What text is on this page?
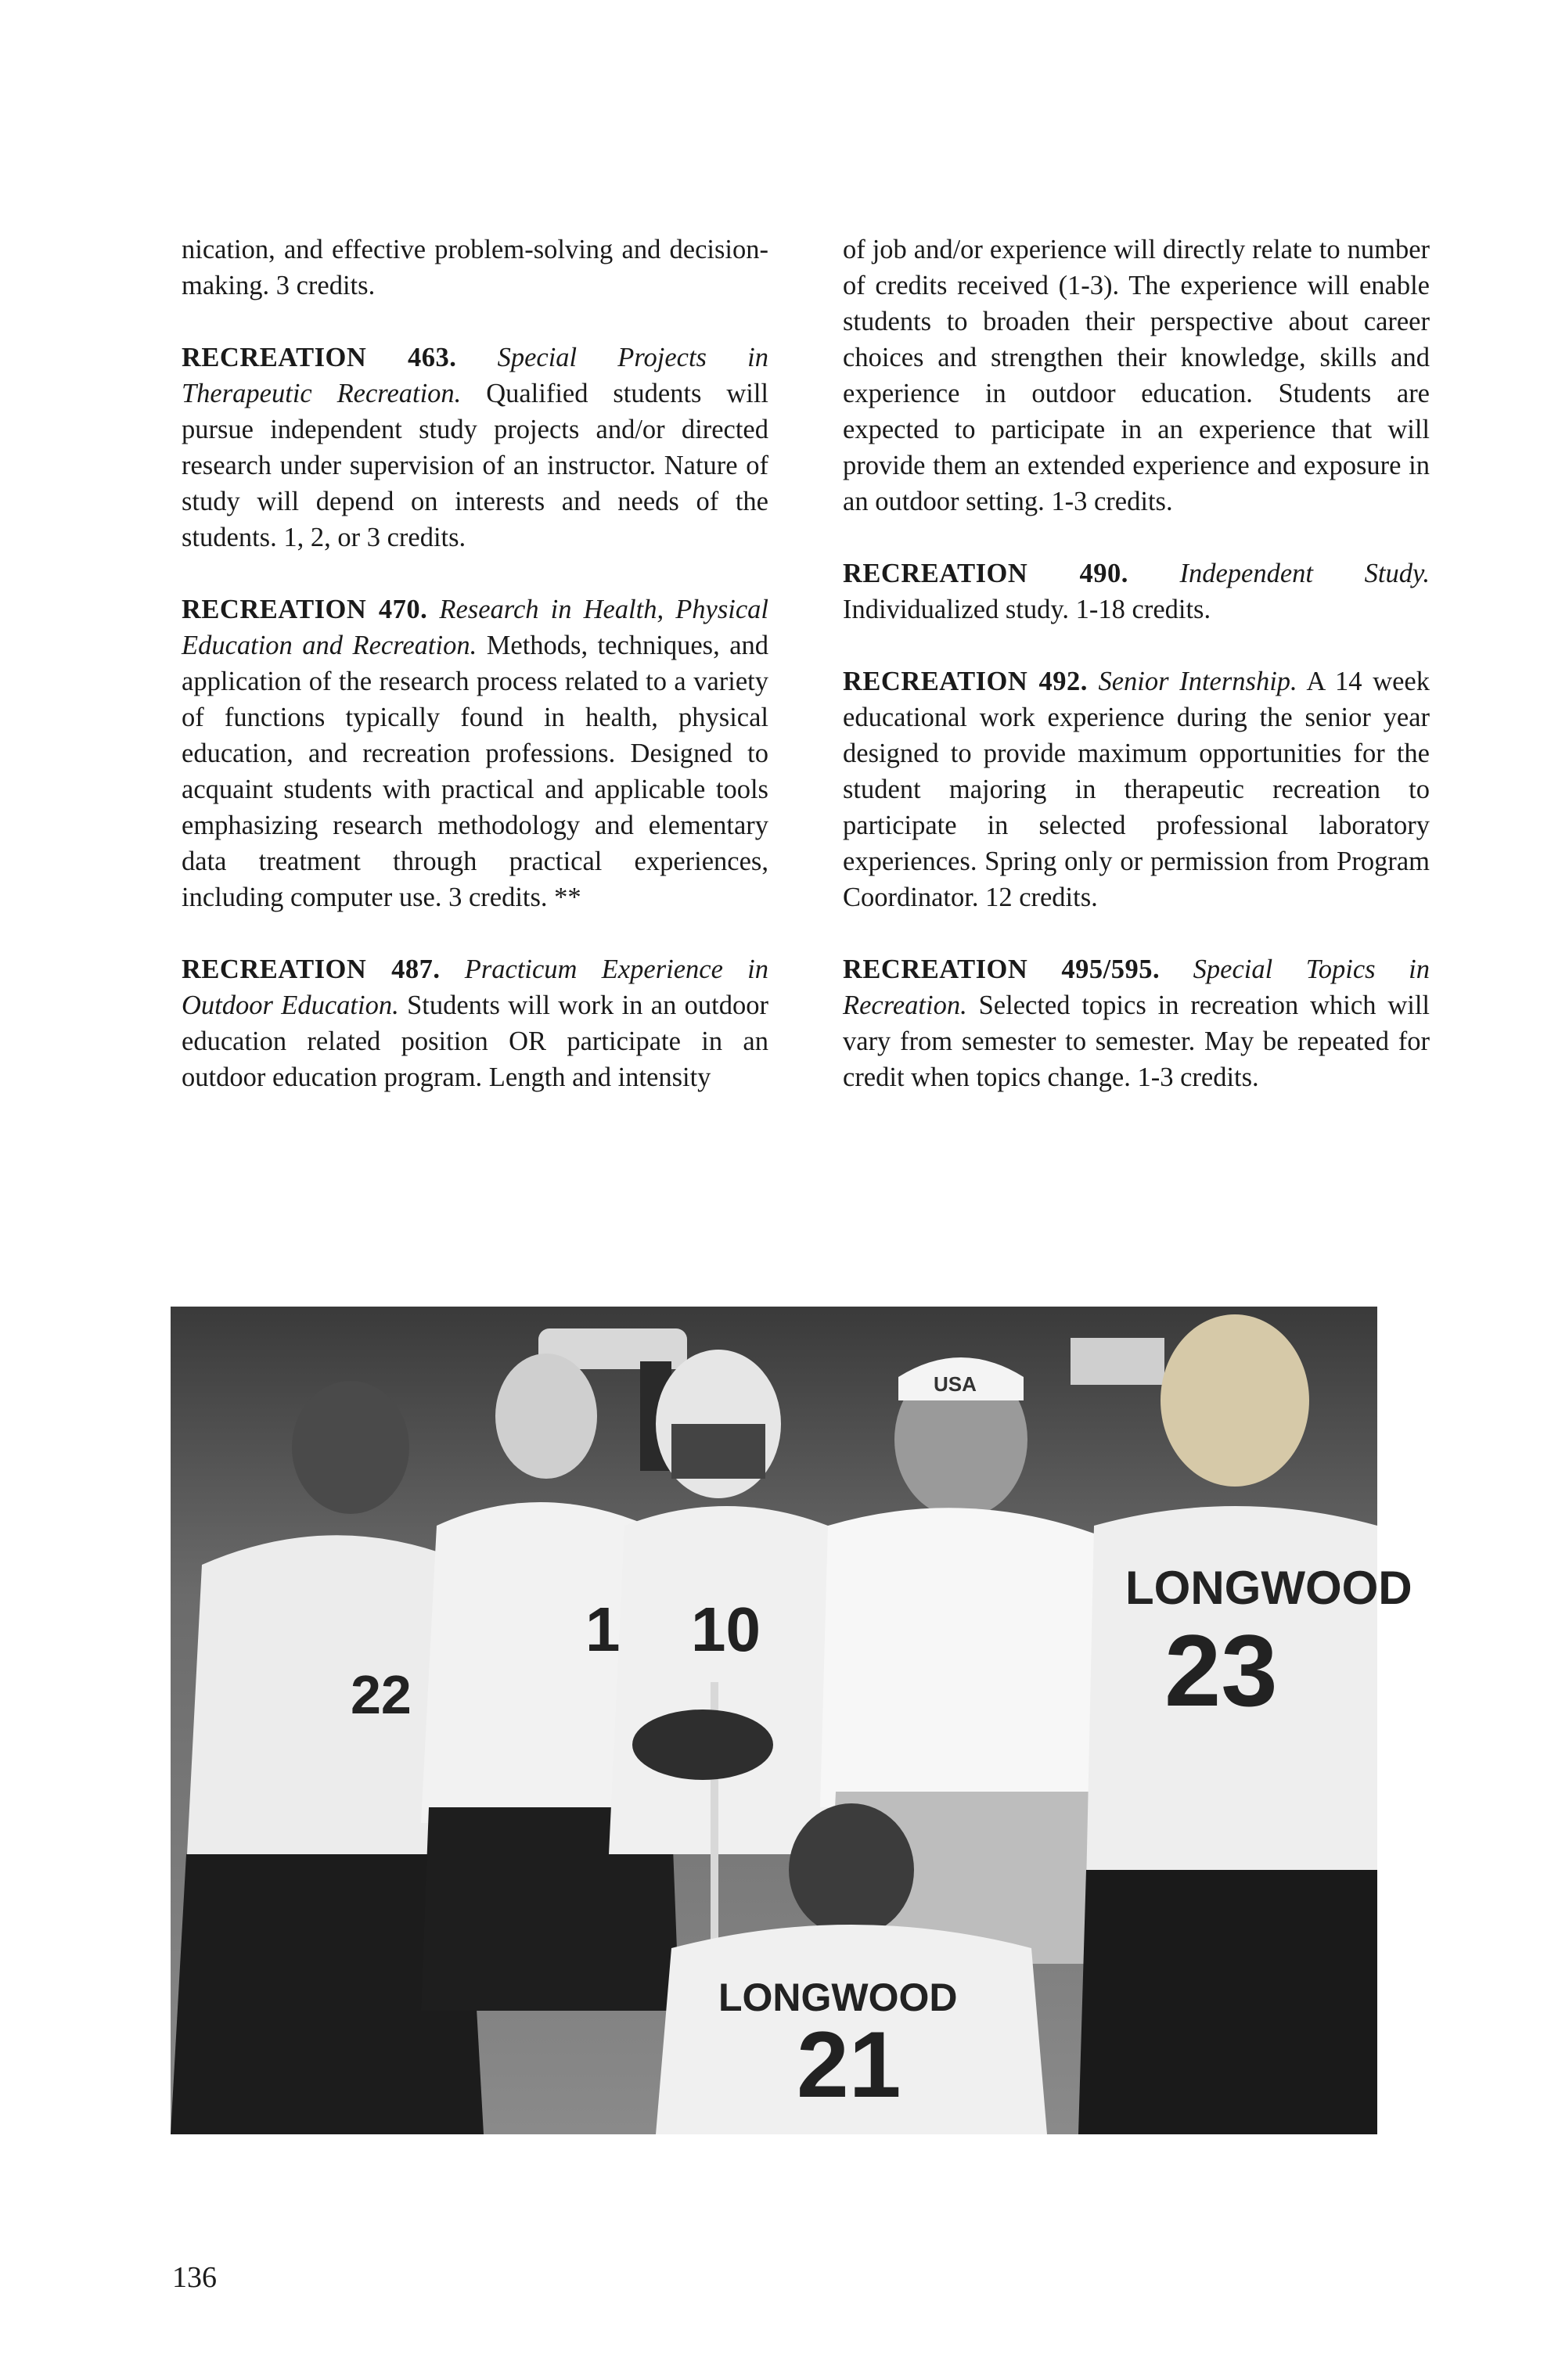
nication, and effective problem-solving and decision-making. 3 credits.

RECREATION 463. Special Projects in Therapeutic Recreation. Qualified students will pursue independent study projects and/or directed research under supervision of an instructor. Nature of study will depend on interests and needs of the students. 1, 2, or 3 credits.

RECREATION 470. Research in Health, Physical Education and Recreation. Methods, techniques, and application of the research process related to a variety of functions typically found in health, physical education, and recreation professions. Designed to acquaint students with practical and applicable tools emphasizing research methodology and elementary data treatment through practical experiences, including computer use. 3 credits. **

RECREATION 487. Practicum Experience in Outdoor Education. Students will work in an outdoor education related position OR participate in an outdoor education program. Length and intensity

of job and/or experience will directly relate to number of credits received (1-3). The experience will enable students to broaden their perspective about career choices and strengthen their knowledge, skills and experience in outdoor education. Students are expected to participate in an experience that will provide them an extended experience and exposure in an outdoor setting. 1-3 credits.

RECREATION 490. Independent Study. Individualized study. 1-18 credits.

RECREATION 492. Senior Internship. A 14 week educational work experience during the senior year designed to provide maximum opportunities for the student majoring in therapeutic recreation to participate in selected professional laboratory experiences. Spring only or permission from Program Coordinator. 12 credits.

RECREATION 495/595. Special Topics in Recreation. Selected topics in recreation which will vary from semester to semester. May be repeated for credit when topics change. 1-3 credits.

22
1 10
USA
LONGWOOD
23
LONGWOOD
21
136
